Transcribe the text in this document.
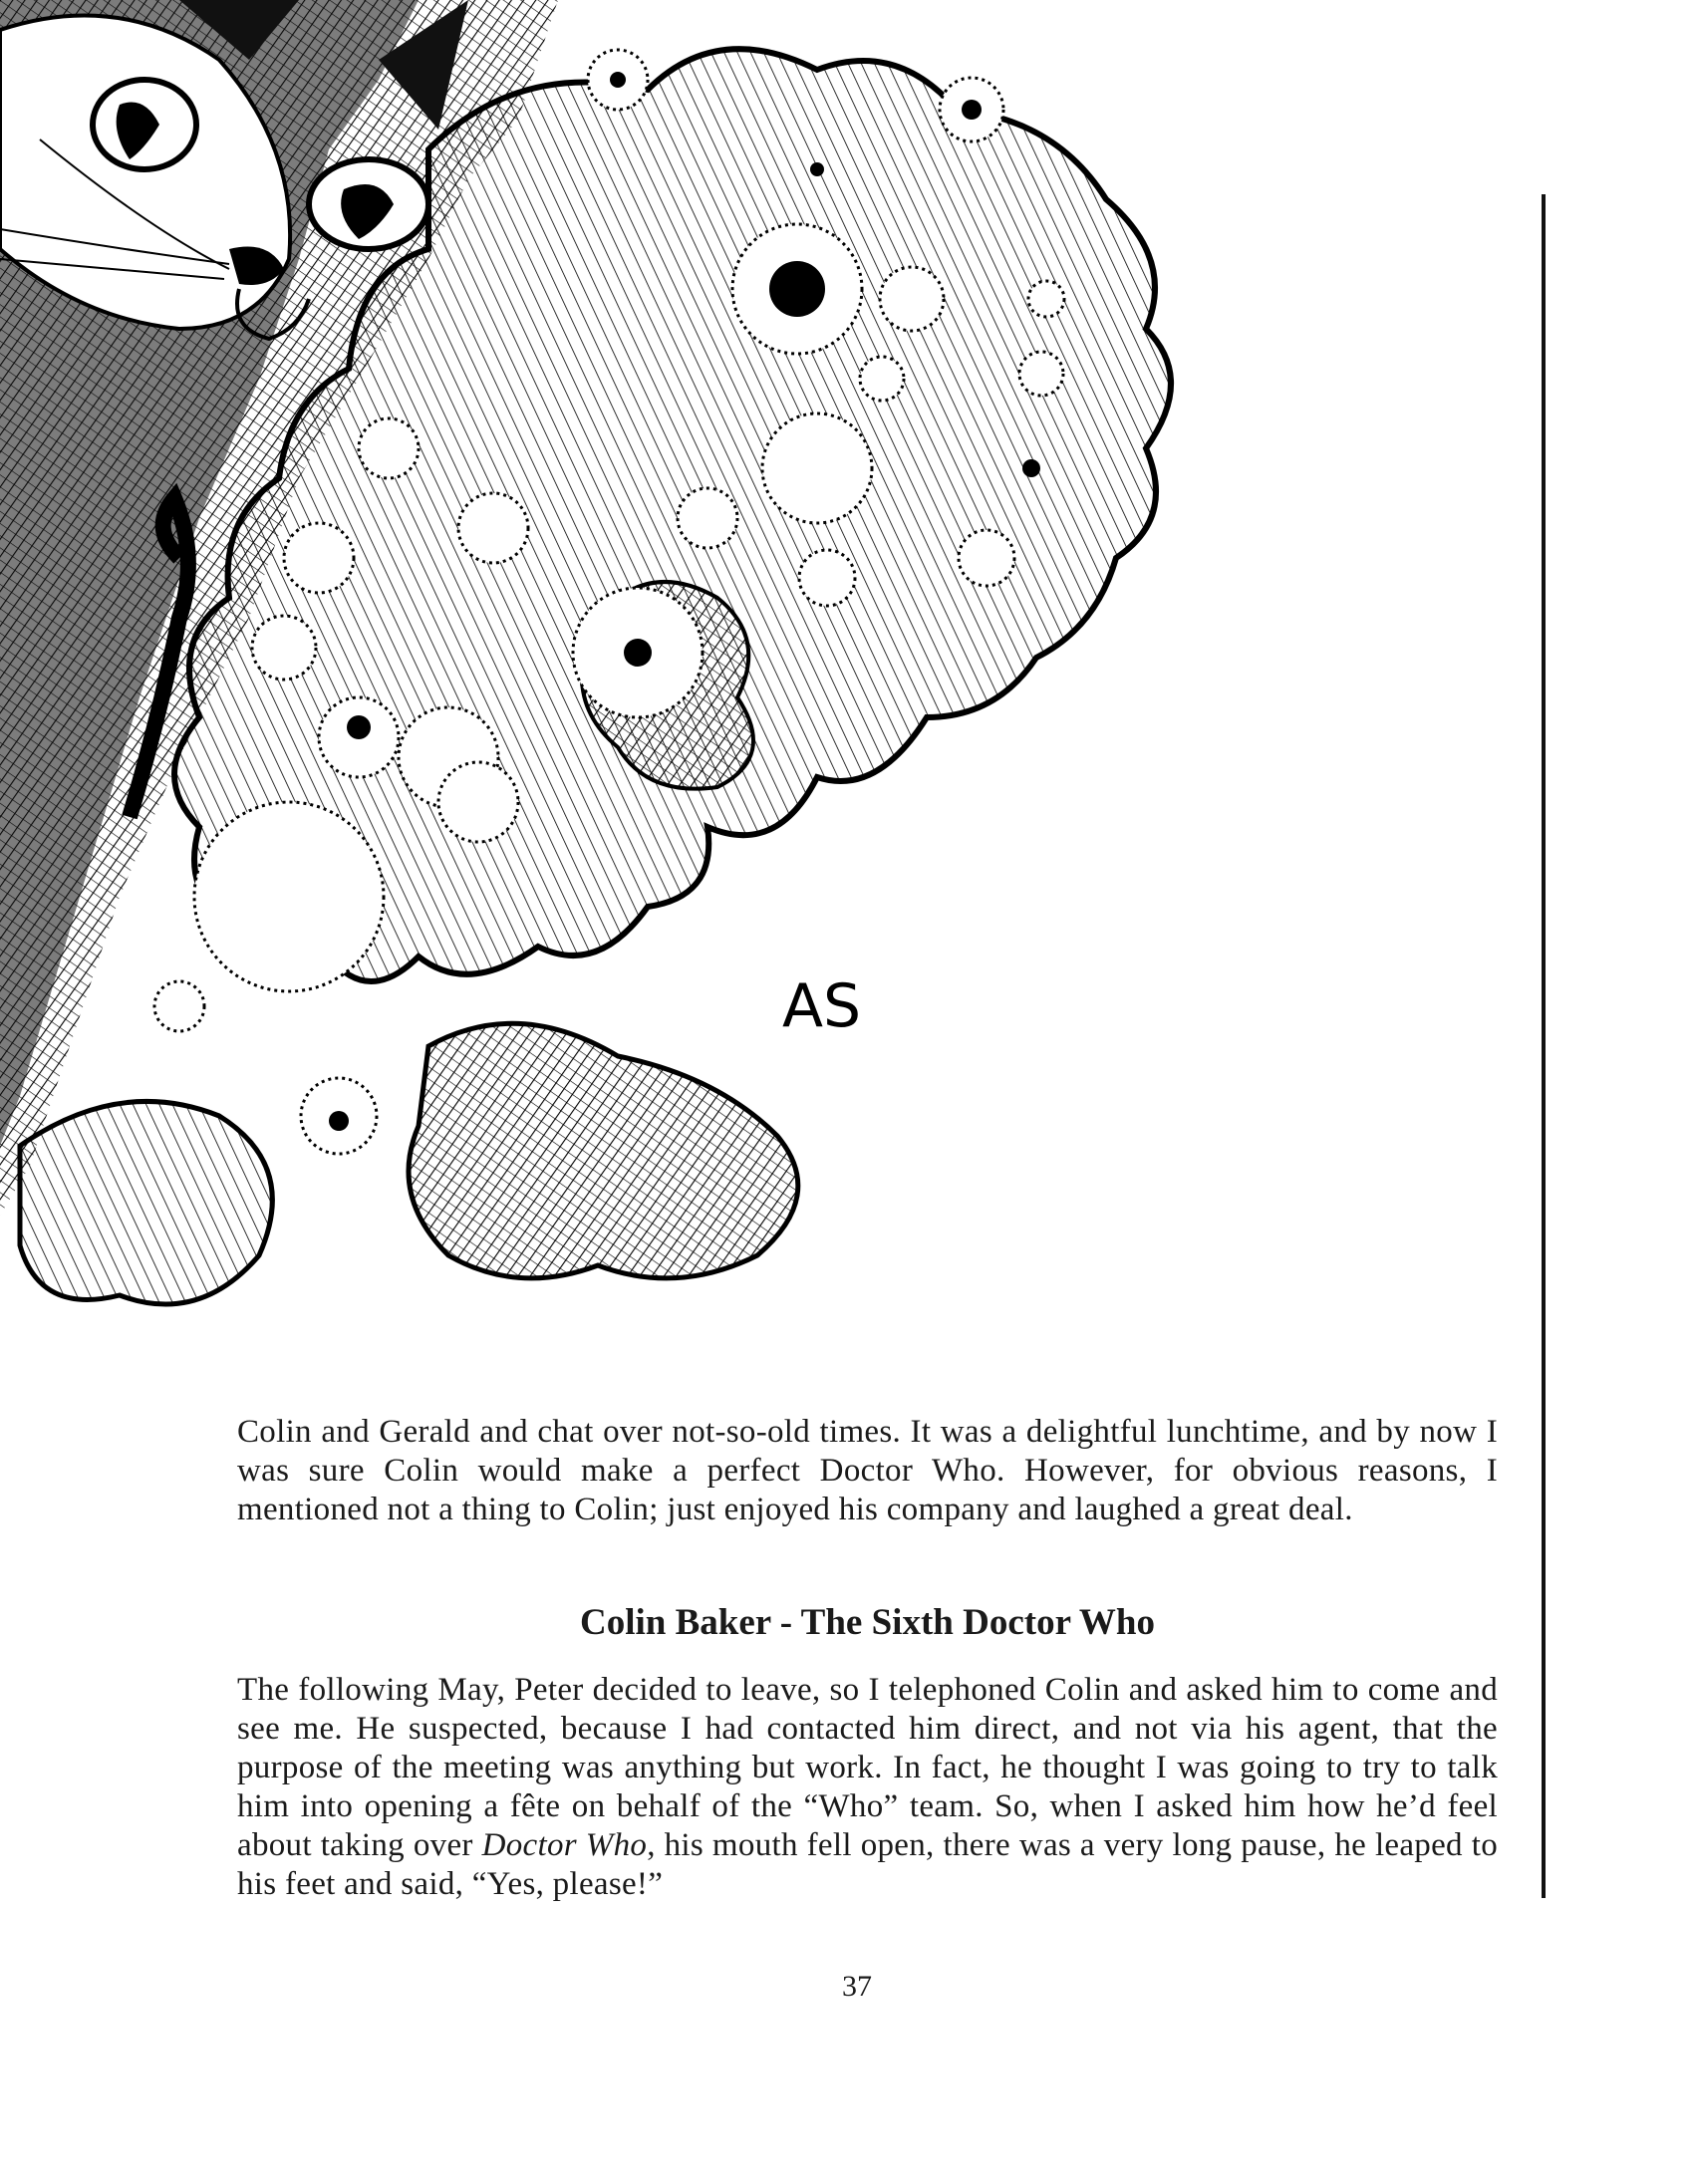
AS

Colin and Gerald and chat over not-so-old times. It was a delightful lunchtime, and by now I was sure Colin would make a perfect Doctor Who. However, for obvious reasons, I mentioned not a thing to Colin; just enjoyed his company and laughed a great deal.

Colin Baker - The Sixth Doctor Who

The following May, Peter decided to leave, so I telephoned Colin and asked him to come and see me. He suspected, because I had contacted him direct, and not via his agent, that the purpose of the meeting was anything but work. In fact, he thought I was going to try to talk him into opening a fête on behalf of the “Who” team. So, when I asked him how he’d feel about taking over Doctor Who, his mouth fell open, there was a very long pause, he leaped to his feet and said, “Yes, please!”

37
